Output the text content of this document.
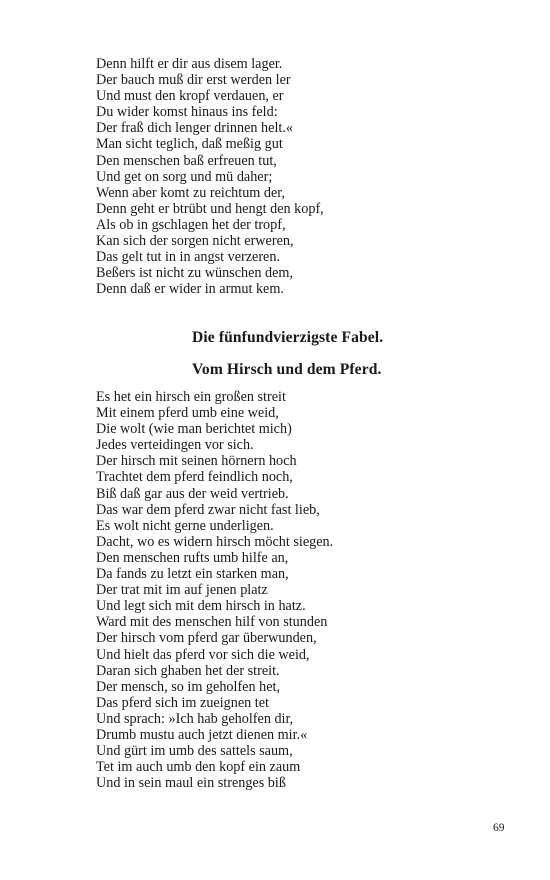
Denn hilft er dir aus disem lager.
Der bauch muß dir erst werden ler
Und must den kropf verdauen, er
Du wider komst hinaus ins feld:
Der fraß dich lenger drinnen helt.«
Man sicht teglich, daß meßig gut
Den menschen baß erfreuen tut,
Und get on sorg und mü daher;
Wenn aber komt zu reichtum der,
Denn geht er btrübt und hengt den kopf,
Als ob in gschlagen het der tropf,
Kan sich der sorgen nicht erweren,
Das gelt tut in in angst verzeren.
Beßers ist nicht zu wünschen dem,
Denn daß er wider in armut kem.
Die fünfundvierzigste Fabel.
Vom Hirsch und dem Pferd.
Es het ein hirsch ein großen streit
Mit einem pferd umb eine weid,
Die wolt (wie man berichtet mich)
Jedes verteidingen vor sich.
Der hirsch mit seinen hörnern hoch
Trachtet dem pferd feindlich noch,
Biß daß gar aus der weid vertrieb.
Das war dem pferd zwar nicht fast lieb,
Es wolt nicht gerne underligen.
Dacht, wo es widern hirsch möcht siegen.
Den menschen rufts umb hilfe an,
Da fands zu letzt ein starken man,
Der trat mit im auf jenen platz
Und legt sich mit dem hirsch in hatz.
Ward mit des menschen hilf von stunden
Der hirsch vom pferd gar überwunden,
Und hielt das pferd vor sich die weid,
Daran sich ghaben het der streit.
Der mensch, so im geholfen het,
Das pferd sich im zueignen tet
Und sprach: »Ich hab geholfen dir,
Drumb mustu auch jetzt dienen mir.«
Und gürt im umb des sattels saum,
Tet im auch umb den kopf ein zaum
Und in sein maul ein strenges biß
69
